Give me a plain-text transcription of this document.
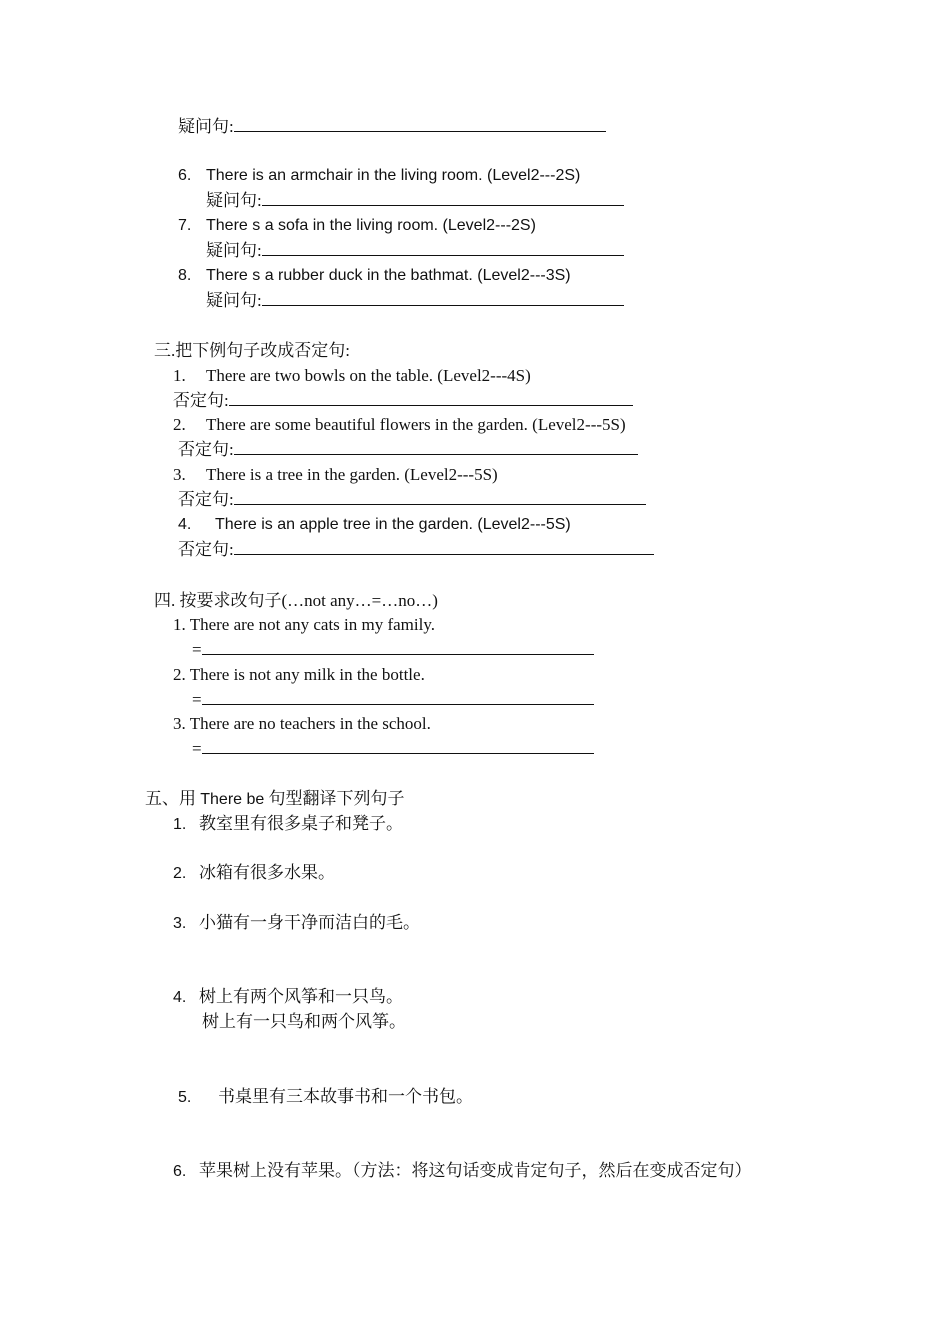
疑问句:
6. There is an armchair in the living room. (Level2---2S)
疑问句:
7. There s a sofa in the living room. (Level2---2S)
疑问句:
8. There s a rubber duck in the bathmat. (Level2---3S)
疑问句:
三.把下例句子改成否定句:
1. There are two bowls on the table. (Level2---4S)
否定句:
2. There are some beautiful flowers in the garden. (Level2---5S)
否定句:
3. There is a tree in the garden. (Level2---5S)
否定句:
4. There is an apple tree in the garden. (Level2---5S)
否定句:
四. 按要求改句子(…not any…=…no…)
1. There are not any cats in my family.
=
2. There is not any milk in the bottle.
=
3. There are no teachers in the school.
=
五、用 There be 句型翻译下列句子
1. 教室里有很多桌子和凳子。
2. 冰箱有很多水果。
3. 小猫有一身干净而洁白的毛。
4. 树上有两个风筝和一只鸟。
树上有一只鸟和两个风筝。
5. 书桌里有三本故事书和一个书包。
6. 苹果树上没有苹果。（方法：将这句话变成肯定句子，然后在变成否定句）
